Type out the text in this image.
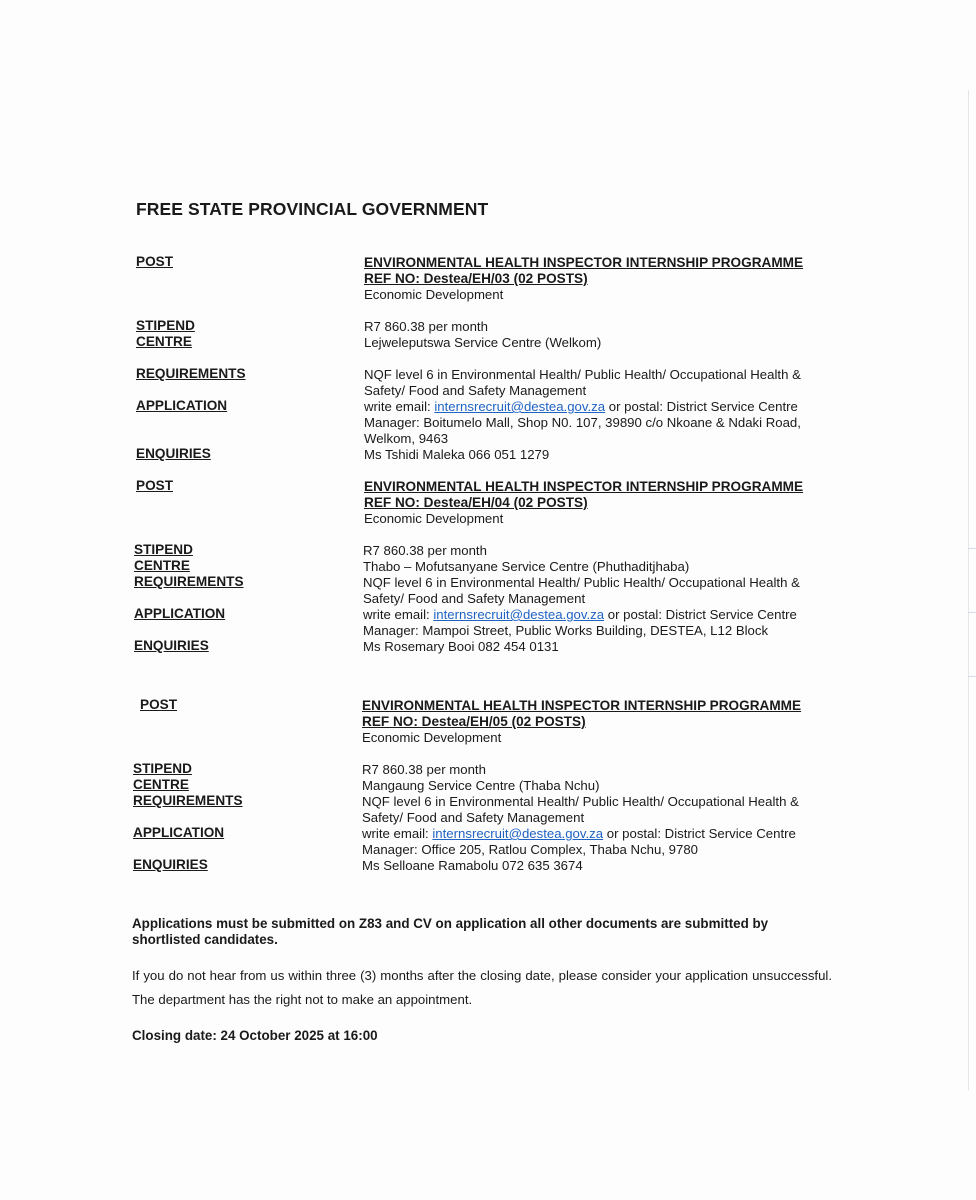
FREE STATE PROVINCIAL GOVERNMENT
POST	ENVIRONMENTAL HEALTH INSPECTOR INTERNSHIP PROGRAMME
REF NO: Destea/EH/03 (02 POSTS)
Economic Development
STIPEND	R7 860.38 per month
CENTRE	Lejweleputswa Service Centre (Welkom)
REQUIREMENTS	NQF level 6 in Environmental Health/ Public Health/ Occupational Health &
Safety/ Food and Safety Management
APPLICATION	write email: internsrecruit@destea.gov.za or postal: District Service Centre
Manager: Boitumelo Mall, Shop N0. 107, 39890 c/o Nkoane & Ndaki Road,
Welkom, 9463
ENQUIRIES	Ms Tshidi Maleka 066 051 1279
POST	ENVIRONMENTAL HEALTH INSPECTOR INTERNSHIP PROGRAMME
REF NO: Destea/EH/04 (02 POSTS)
Economic Development
STIPEND	R7 860.38 per month
CENTRE	Thabo – Mofutsanyane Service Centre (Phuthaditjhaba)
REQUIREMENTS	NQF level 6 in Environmental Health/ Public Health/ Occupational Health &
Safety/ Food and Safety Management
APPLICATION	write email: internsrecruit@destea.gov.za or postal: District Service Centre
Manager: Mampoi Street, Public Works Building, DESTEA, L12 Block
ENQUIRIES	Ms Rosemary Booi 082 454 0131
POST	ENVIRONMENTAL HEALTH INSPECTOR INTERNSHIP PROGRAMME
REF NO: Destea/EH/05 (02 POSTS)
Economic Development
STIPEND	R7 860.38 per month
CENTRE	Mangaung Service Centre (Thaba Nchu)
REQUIREMENTS	NQF level 6 in Environmental Health/ Public Health/ Occupational Health &
Safety/ Food and Safety Management
APPLICATION	write email: internsrecruit@destea.gov.za or postal: District Service Centre
Manager: Office 205, Ratlou Complex, Thaba Nchu, 9780
ENQUIRIES	Ms Selloane Ramabolu 072 635 3674
Applications must be submitted on Z83 and CV on application all other documents are submitted by shortlisted candidates.
If you do not hear from us within three (3) months after the closing date, please consider your application unsuccessful. The department has the right not to make an appointment.
Closing date: 24 October 2025 at 16:00
